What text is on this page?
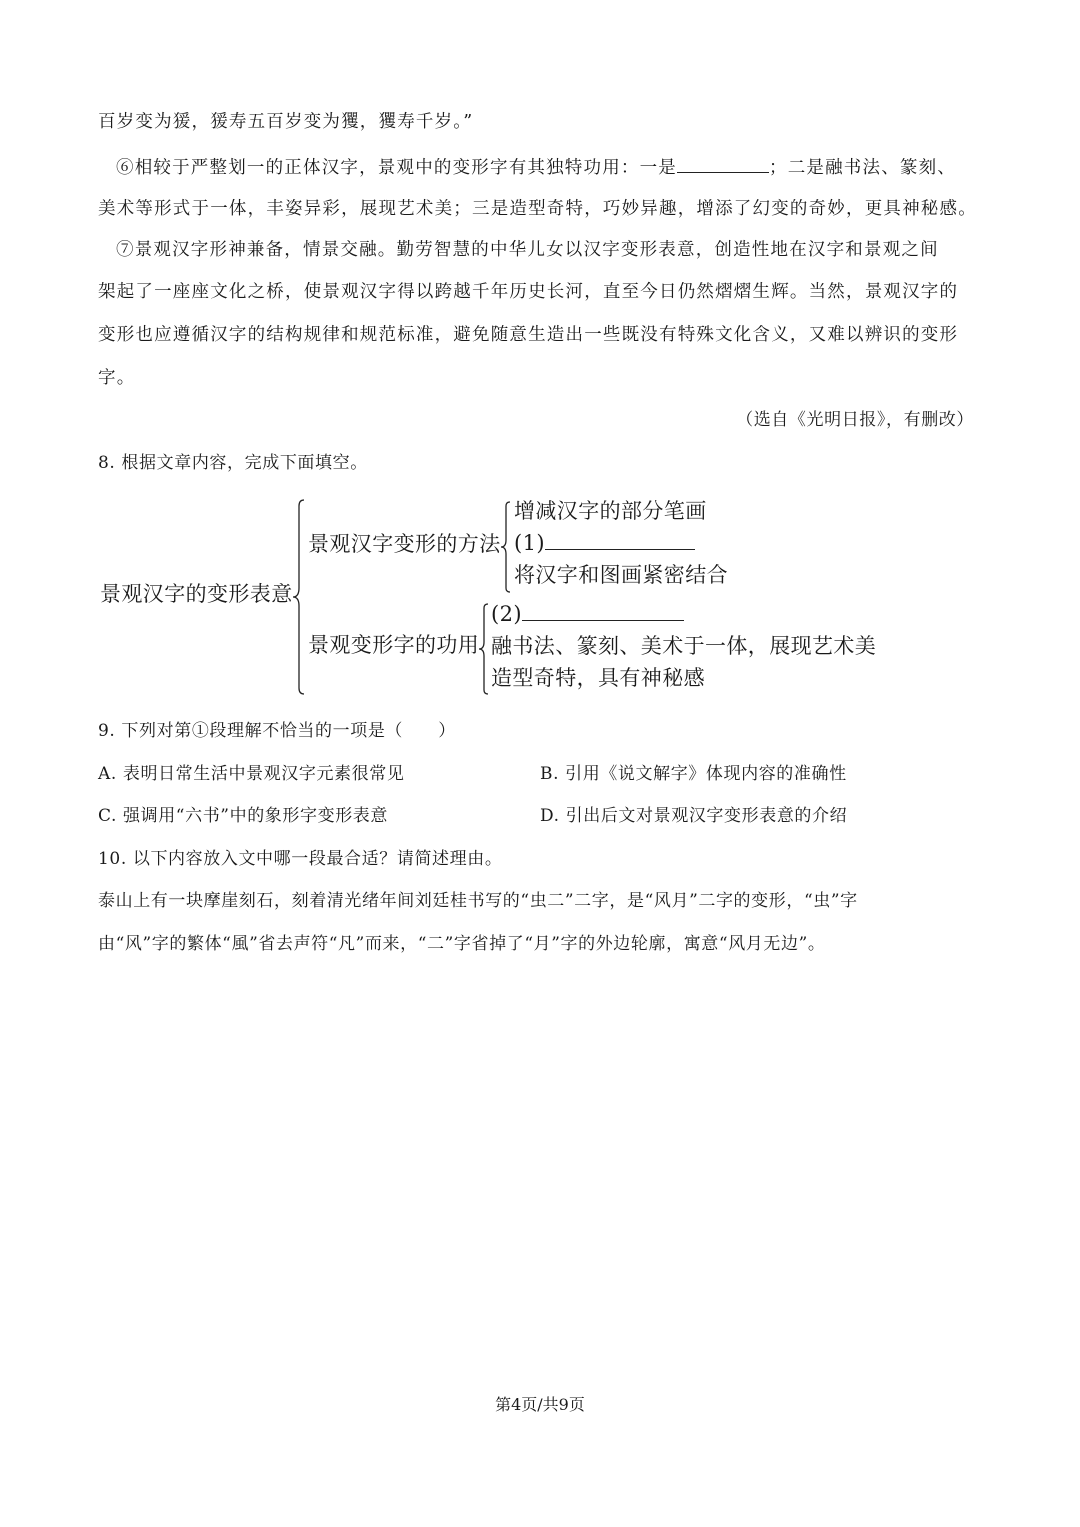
百岁变为猨，猨寿五百岁变为玃，玃寿千岁。”
⑥相较于严整划一的正体汉字，景观中的变形字有其独特功用：一是	；二是融书法、篆刻、
美术等形式于一体，丰姿异彩，展现艺术美；三是造型奇特，巧妙异趣，增添了幻变的奇妙，更具神秘感。
⑦景观汉字形神兼备，情景交融。勤劳智慧的中华儿女以汉字变形表意，创造性地在汉字和景观之间
架起了一座座文化之桥，使景观汉字得以跨越千年历史长河，直至今日仍然熠熠生辉。当然，景观汉字的
变形也应遵循汉字的结构规律和规范标准，避免随意生造出一些既没有特殊文化含义，又难以辨识的变形
字。
（选自《光明日报》，有删改）
8. 根据文章内容，完成下面填空。
景观汉字的变形表意
景观汉字变形的方法
增减汉字的部分笔画
(1)
将汉字和图画紧密结合
景观变形字的功用
(2)
融书法、篆刻、美术于一体，展现艺术美
造型奇特，具有神秘感
9. 下列对第①段理解不恰当的一项是（　　）
A. 表明日常生活中景观汉字元素很常见	B. 引用《说文解字》体现内容的准确性
C. 强调用“六书”中的象形字变形表意	D. 引出后文对景观汉字变形表意的介绍
10. 以下内容放入文中哪一段最合适？请简述理由。
泰山上有一块摩崖刻石，刻着清光绪年间刘廷桂书写的“虫二”二字，是“风月”二字的变形，“虫”字
由“风”字的繁体“風”省去声符“凡”而来，“二”字省掉了“月”字的外边轮廓，寓意“风月无边”。
第4页/共9页
